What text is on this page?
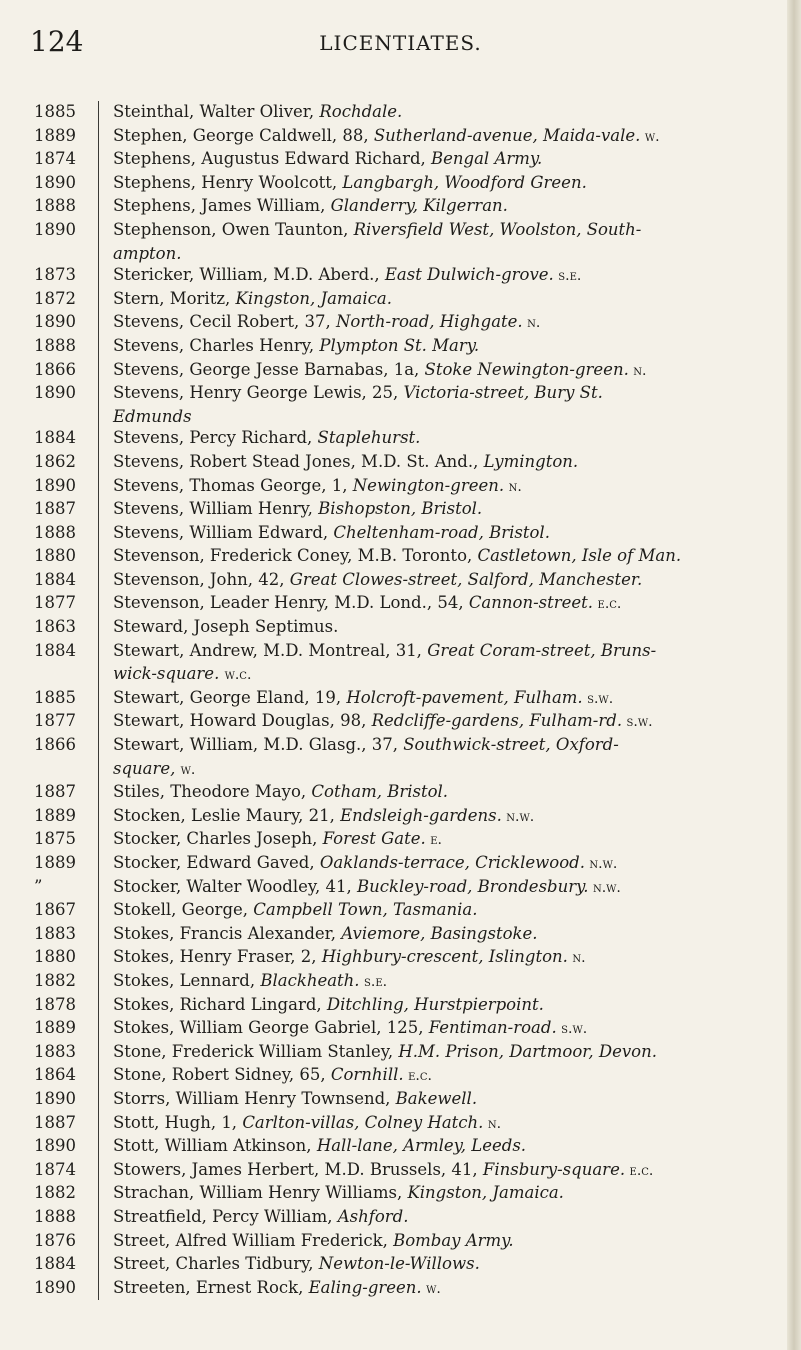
124	LICENTIATES.
1885	Steinthal, Walter Oliver, Rochdale.

1889	Stephen, George Caldwell, 88, Sutherland-avenue, Maida-vale. w.

1874	Stephens, Augustus Edward Richard, Bengal Army.

1890	Stephens, Henry Woolcott, Langbargh, Woodford Green.

1888	Stephens, James William, Glanderry, Kilgerran.

1890	Stephenson, Owen Taunton, Riversfield West, Woolston, South-
ampton.

1873	Stericker, William, M.D. Aberd., East Dulwich-grove. s.e.

1872	Stern, Moritz, Kingston, Jamaica.

1890	Stevens, Cecil Robert, 37, North-road, Highgate. n.

1888	Stevens, Charles Henry, Plympton St. Mary.

1866	Stevens, George Jesse Barnabas, 1a, Stoke Newington-green. n.

1890	Stevens, Henry George Lewis, 25, Victoria-street, Bury St.
Edmunds

1884	Stevens, Percy Richard, Staplehurst.

1862	Stevens, Robert Stead Jones, M.D. St. And., Lymington.

1890	Stevens, Thomas George, 1, Newington-green. n.

1887	Stevens, William Henry, Bishopston, Bristol.

1888	Stevens, William Edward, Cheltenham-road, Bristol.

1880	Stevenson, Frederick Coney, M.B. Toronto, Castletown, Isle of Man.

1884	Stevenson, John, 42, Great Clowes-street, Salford, Manchester.

1877	Stevenson, Leader Henry, M.D. Lond., 54, Cannon-street. e.c.

1863	Steward, Joseph Septimus.

1884	Stewart, Andrew, M.D. Montreal, 31, Great Coram-street, Bruns-
wick-square. w.c.

1885	Stewart, George Eland, 19, Holcroft-pavement, Fulham. s.w.

1877	Stewart, Howard Douglas, 98, Redcliffe-gardens, Fulham-rd. s.w.

1866	Stewart, William, M.D. Glasg., 37, Southwick-street, Oxford-
square, w.

1887	Stiles, Theodore Mayo, Cotham, Bristol.

1889	Stocken, Leslie Maury, 21, Endsleigh-gardens. n.w.

1875	Stocker, Charles Joseph, Forest Gate. e.

1889	Stocker, Edward Gaved, Oaklands-terrace, Cricklewood. n.w.

”	Stocker, Walter Woodley, 41, Buckley-road, Brondesbury. n.w.

1867	Stokell, George, Campbell Town, Tasmania.

1883	Stokes, Francis Alexander, Aviemore, Basingstoke.

1880	Stokes, Henry Fraser, 2, Highbury-crescent, Islington. n.

1882	Stokes, Lennard, Blackheath. s.e.

1878	Stokes, Richard Lingard, Ditchling, Hurstpierpoint.

1889	Stokes, William George Gabriel, 125, Fentiman-road. s.w.

1883	Stone, Frederick William Stanley, H.M. Prison, Dartmoor, Devon.

1864	Stone, Robert Sidney, 65, Cornhill. e.c.

1890	Storrs, William Henry Townsend, Bakewell.

1887	Stott, Hugh, 1, Carlton-villas, Colney Hatch. n.

1890	Stott, William Atkinson, Hall-lane, Armley, Leeds.

1874	Stowers, James Herbert, M.D. Brussels, 41, Finsbury-square. e.c.

1882	Strachan, William Henry Williams, Kingston, Jamaica.

1888	Streatfield, Percy William, Ashford.

1876	Street, Alfred William Frederick, Bombay Army.

1884	Street, Charles Tidbury, Newton-le-Willows.

1890	Streeten, Ernest Rock, Ealing-green. w.
